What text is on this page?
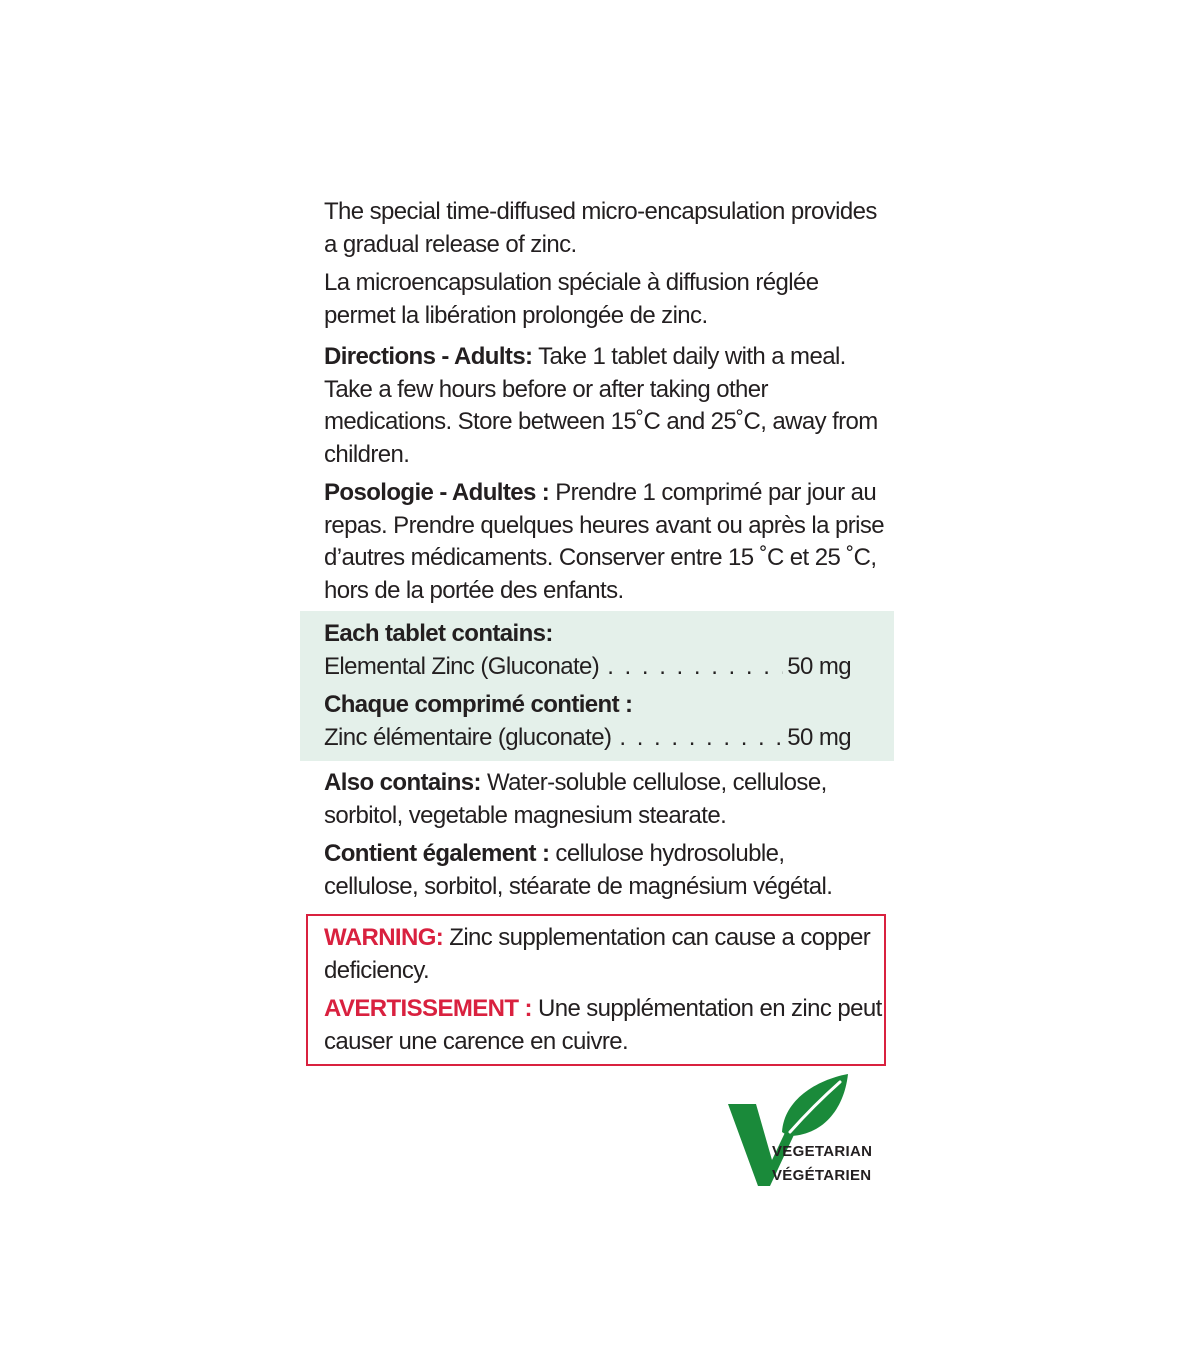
The special time-diffused micro-encapsulation provides a gradual release of zinc.

La microencapsulation spéciale à diffusion réglée permet la libération prolongée de zinc.

Directions - Adults: Take 1 tablet daily with a meal. Take a few hours before or after taking other medications. Store between 15˚C and 25˚C, away from children.

Posologie - Adultes : Prendre 1 comprimé par jour au repas. Prendre quelques heures avant ou après la prise d’autres médicaments. Conserver entre 15 ˚C et 25 ˚C, hors de la portée des enfants.

Each tablet contains:
Elemental Zinc (Gluconate) . . .	50 mg
Chaque comprimé contient :
Zinc élémentaire (gluconate) . . .	50 mg

Also contains: Water-soluble cellulose, cellulose, sorbitol, vegetable magnesium stearate.

Contient également : cellulose hydrosoluble, cellulose, sorbitol, stéarate de magnésium végétal.

WARNING: Zinc supplementation can cause a copper deficiency.

AVERTISSEMENT : Une supplémentation en zinc peut causer une carence en cuivre.

VEGETARIAN
VÉGÉTARIEN
